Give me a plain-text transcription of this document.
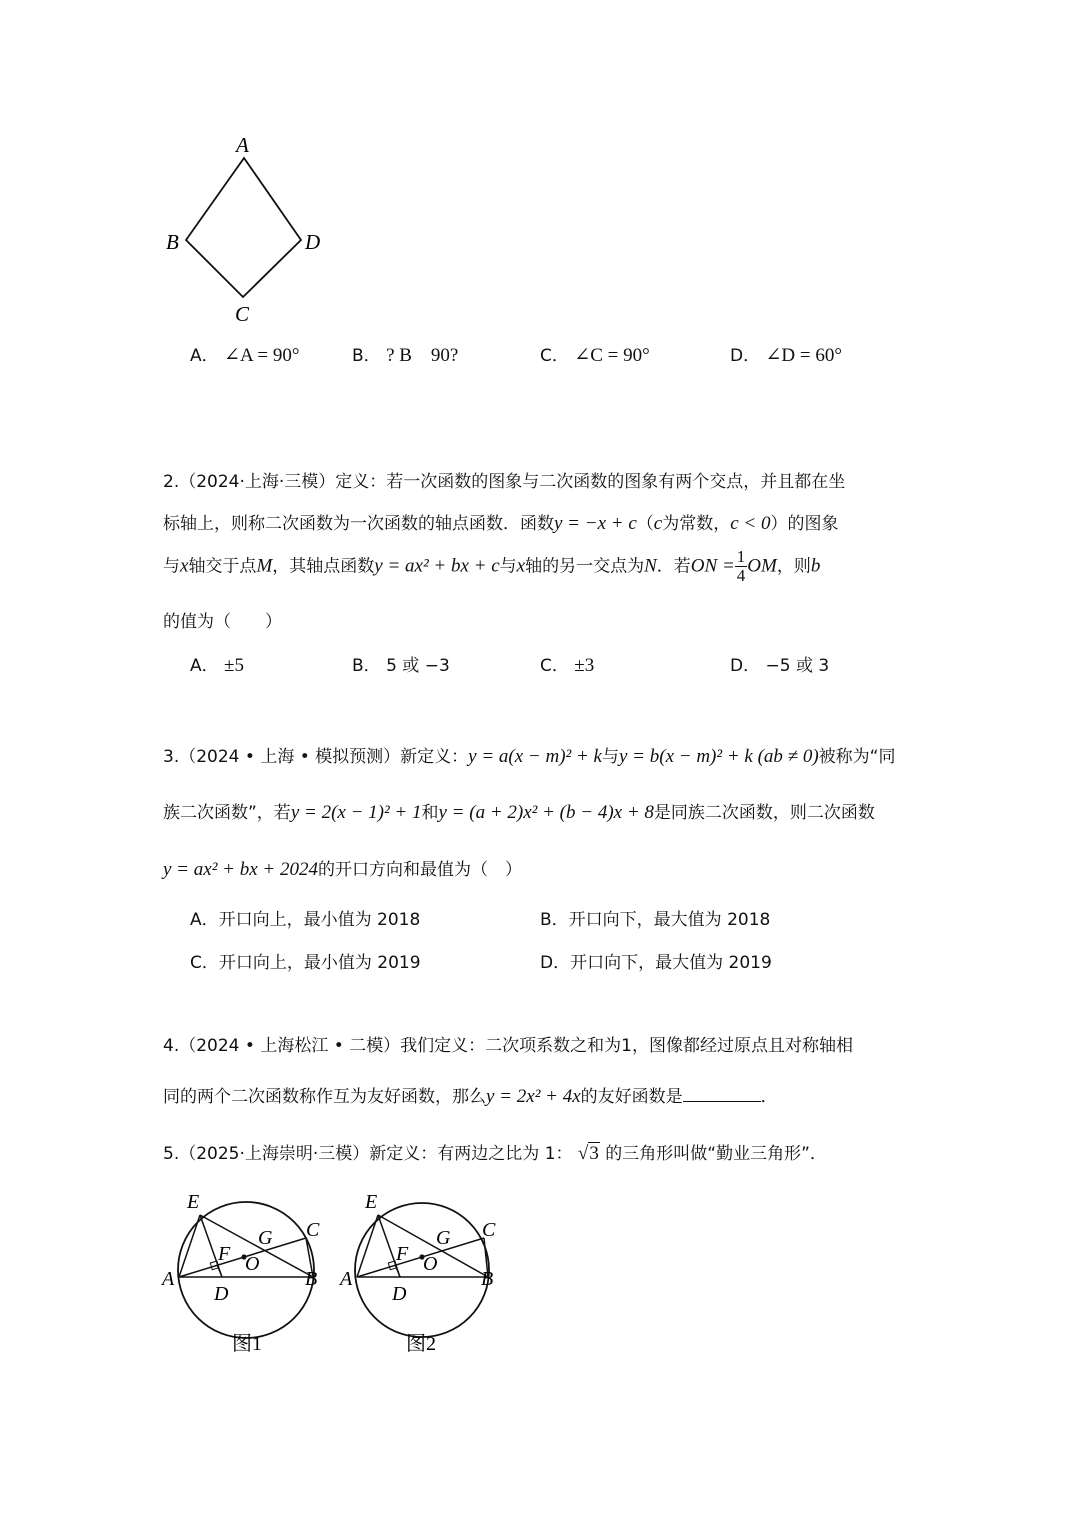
A
B	D
C
A． ∠A = 90°	B． ? B    90?	C． ∠C = 90°	D． ∠D = 60°
2.（2024·上海·三模）定义：若一次函数的图象与二次函数的图象有两个交点，并且都在坐
标轴上，则称二次函数为一次函数的轴点函数．函数y = −x + c（c为常数，c < 0）的图象
与x轴交于点M，其轴点函数y = ax² + bx + c与x轴的另一交点为N．若ON = $\frac{1}{4}$ OM，则b
的值为（　　）
A． ±5	B． 5 或 −3	C． ±3	D． −5 或 3
3.（2024 • 上海 • 模拟预测）新定义：y = a(x − m)² + k与y = b(x − m)² + k (ab ≠ 0)被称为“同
族二次函数”，若y = 2(x − 1)² + 1和y = (a + 2)x² + (b − 4)x + 8是同族二次函数，则二次函数
y = ax² + bx + 2024的开口方向和最值为（　）
A．开口向上，最小值为 2018	B．开口向下，最大值为 2018
C．开口向上，最小值为 2019	D．开口向下，最大值为 2019
4.（2024 • 上海松江 • 二模）我们定义：二次项系数之和为1，图像都经过原点且对称轴相
同的两个二次函数称作互为友好函数，那么y = 2x² + 4x的友好函数是	．
5.（2025·上海崇明·三模）新定义：有两边之比为 1： √3 的三角形叫做“勤业三角形”．
E
C
G
F O
A	B
D
图1
E
C
G
F O
A	B
D
图2
